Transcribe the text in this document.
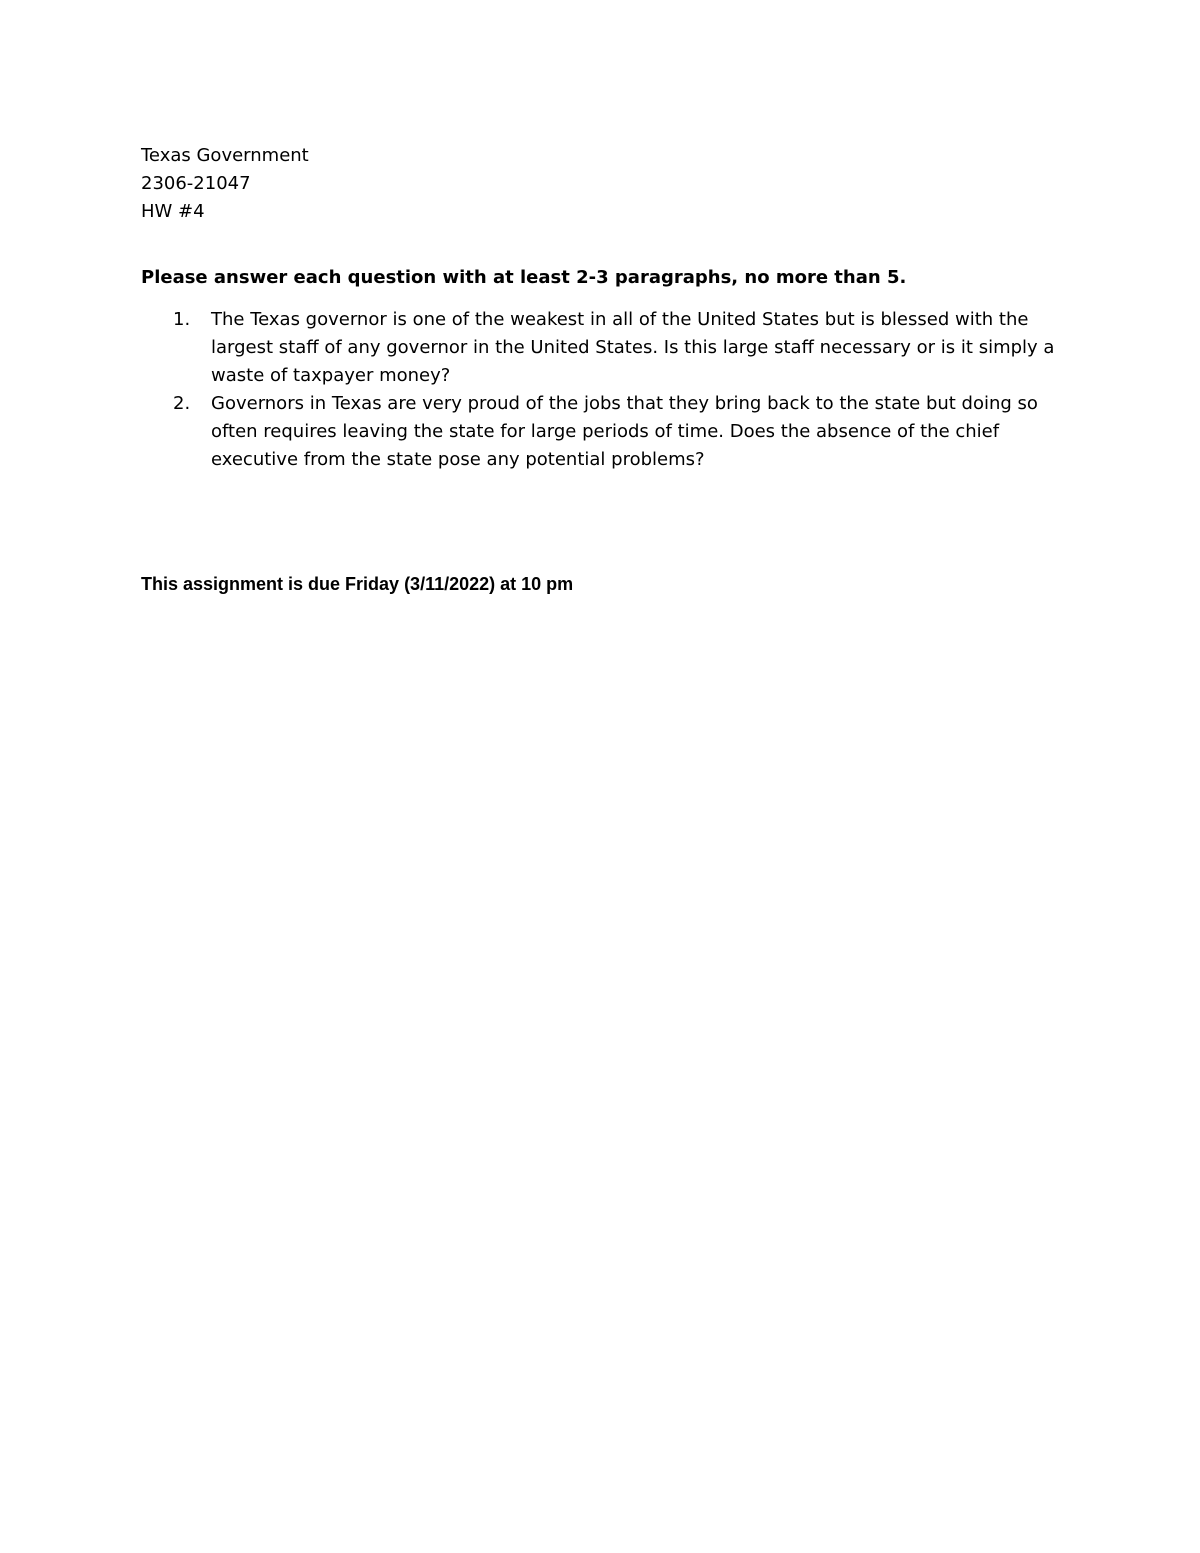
Texas Government

2306-21047

HW #4

Please answer each question with at least 2-3 paragraphs, no more than 5.

1. The Texas governor is one of the weakest in all of the United States but is blessed with the largest staff of any governor in the United States. Is this large staff necessary or is it simply a waste of taxpayer money?
2. Governors in Texas are very proud of the jobs that they bring back to the state but doing so often requires leaving the state for large periods of time. Does the absence of the chief executive from the state pose any potential problems?

This assignment is due Friday (3/11/2022) at 10 pm
